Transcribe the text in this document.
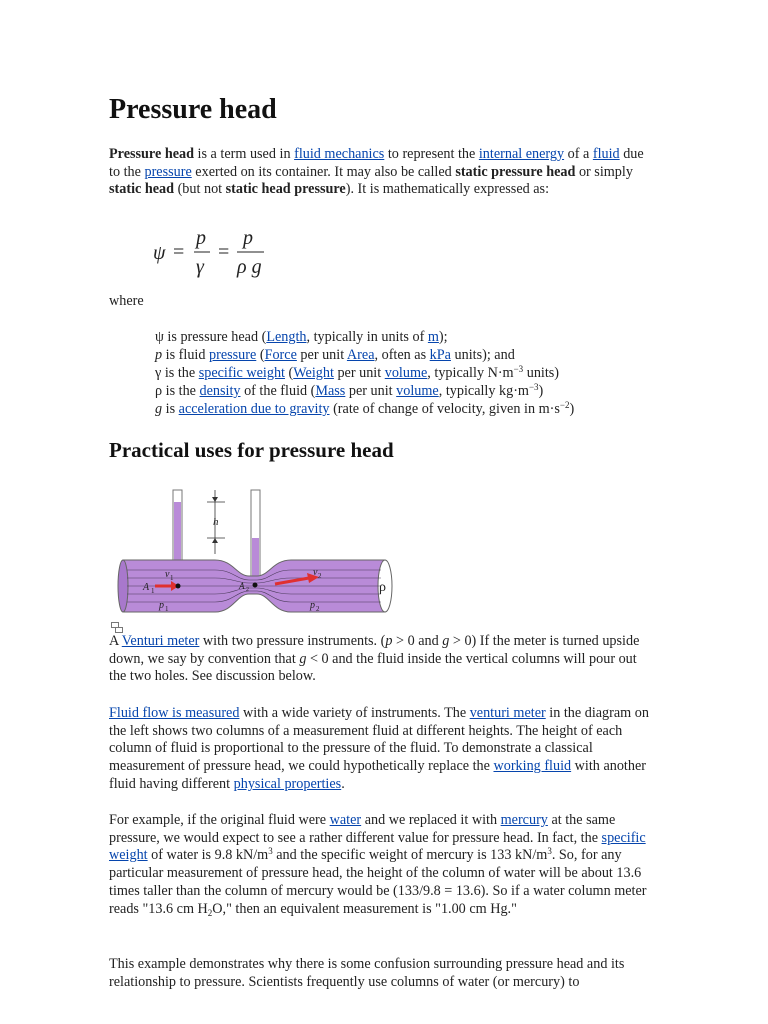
Pressure head

Pressure head is a term used in fluid mechanics to represent the internal energy of a fluid due to the pressure exerted on its container. It may also be called static pressure head or simply static head (but not static head pressure). It is mathematically expressed as:

ψ =
p
γ
=
p
ρ g

where

ψ is pressure head (Length, typically in units of m);
p is fluid pressure (Force per unit Area, often as kPa units); and
γ is the specific weight (Weight per unit volume, typically $N\cdot m^{-3}$ units)
ρ is the density of the fluid (Mass per unit volume, typically $kg\cdot m^{-3}$)
g is acceleration due to gravity (rate of change of velocity, given in $m\cdot s^{-2}$)
Practical uses for pressure head
h
ρ
A 1	A 2
p 1	p 2
v 1	v 2

A Venturi meter with two pressure instruments. (p > 0 and g > 0) If the meter is turned upside down, we say by convention that g < 0 and the fluid inside the vertical columns will pour out the two holes. See discussion below.

Fluid flow is measured with a wide variety of instruments. The venturi meter in the diagram on the left shows two columns of a measurement fluid at different heights. The height of each column of fluid is proportional to the pressure of the fluid. To demonstrate a classical measurement of pressure head, we could hypothetically replace the working fluid with another fluid having different physical properties.

For example, if the original fluid were water and we replaced it with mercury at the same pressure, we would expect to see a rather different value for pressure head. In fact, the specific weight of water is 9.8 $kN/m^3$ and the specific weight of mercury is 133 $kN/m^3$. So, for any particular measurement of pressure head, the height of the column of water will be about 13.6 times taller than the column of mercury would be (133/9.8 = 13.6). So if a water column meter reads "13.6 cm $H_2O$," then an equivalent measurement is "1.00 cm Hg."

This example demonstrates why there is some confusion surrounding pressure head and its relationship to pressure. Scientists frequently use columns of water (or mercury) to
